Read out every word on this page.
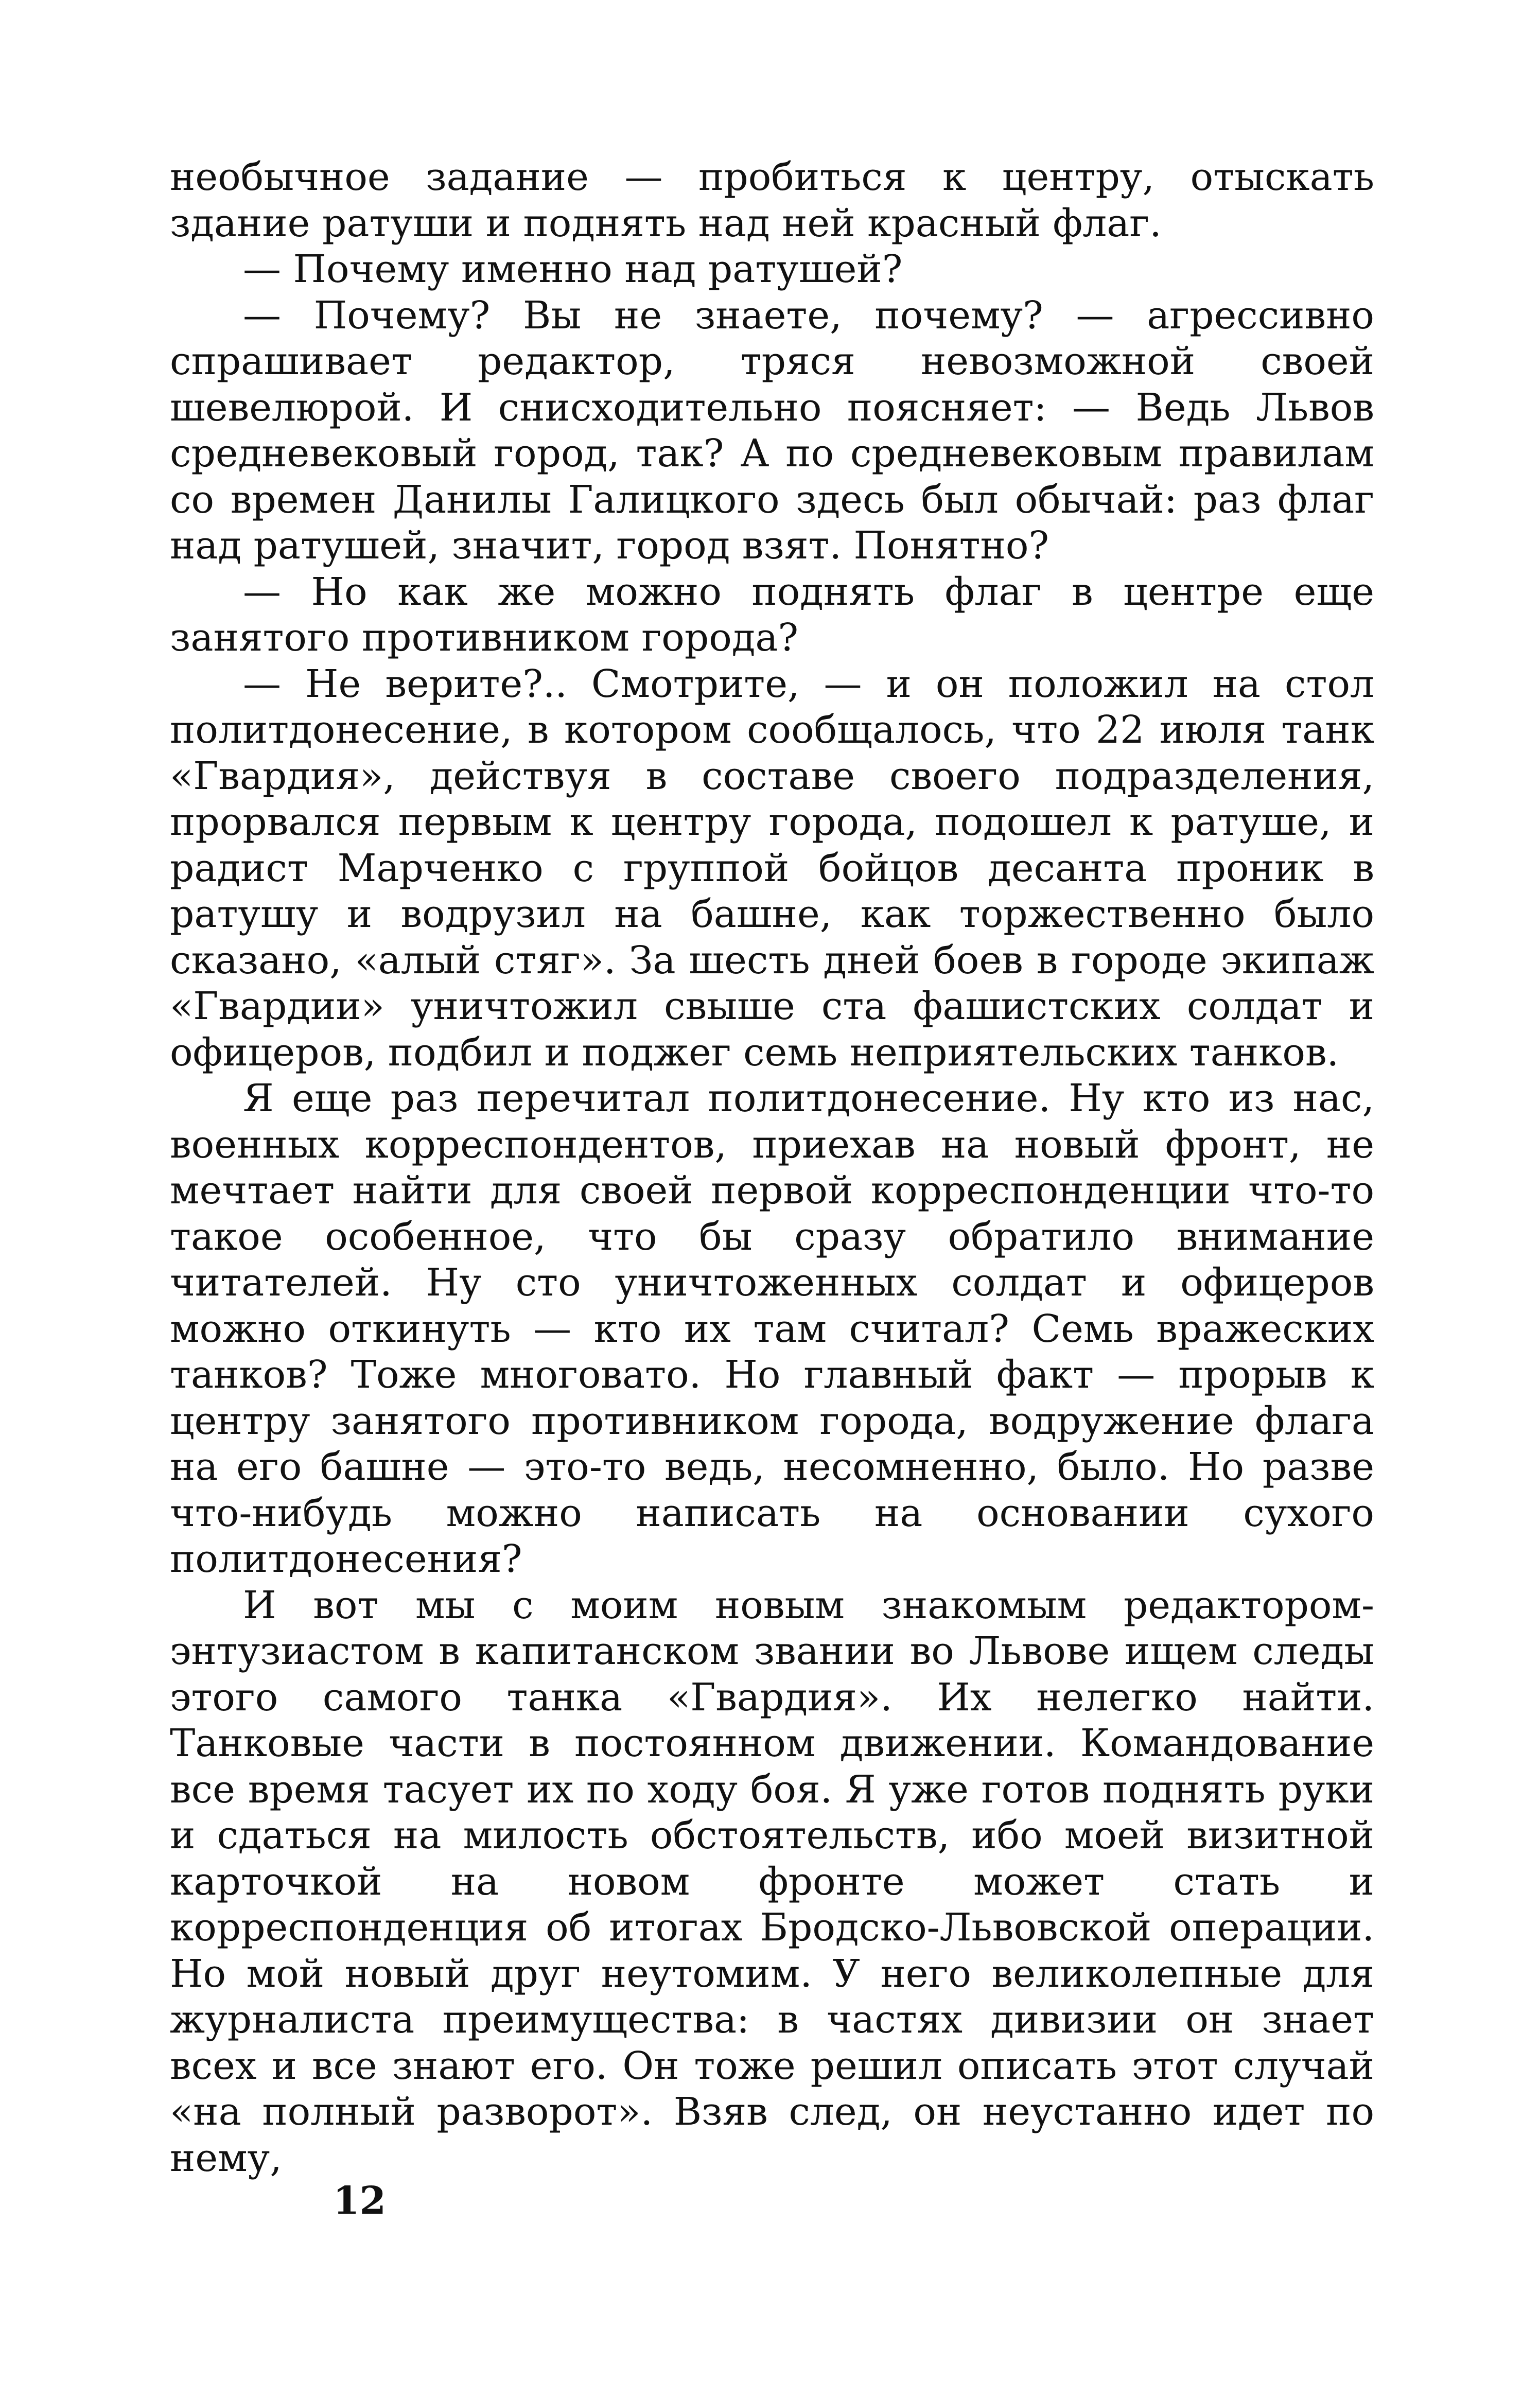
необычное задание — пробиться к центру, отыскать здание ратуши и поднять над ней красный флаг.

— Почему именно над ратушей?

— Почему? Вы не знаете, почему? — агрессивно спрашивает редактор, тряся невозможной своей шевелюрой. И снисходительно поясняет: — Ведь Львов средневековый город, так? А по средневековым правилам со времен Данилы Галицкого здесь был обычай: раз флаг над ратушей, значит, город взят. Понятно?

— Но как же можно поднять флаг в центре еще занятого противником города?

— Не верите?.. Смотрите, — и он положил на стол политдонесение, в котором сообщалось, что 22 июля танк «Гвардия», действуя в составе своего подразделения, прорвался первым к центру города, подошел к ратуше, и радист Марченко с группой бойцов десанта проник в ратушу и водрузил на башне, как торжественно было сказано, «алый стяг». За шесть дней боев в городе экипаж «Гвардии» уничтожил свыше ста фашистских солдат и офицеров, подбил и поджег семь неприятельских танков.

Я еще раз перечитал политдонесение. Ну кто из нас, военных корреспондентов, приехав на новый фронт, не мечтает найти для своей первой корреспонденции что-то такое особенное, что бы сразу обратило внимание читателей. Ну сто уничтоженных солдат и офицеров можно откинуть — кто их там считал? Семь вражеских танков? Тоже многовато. Но главный факт — прорыв к центру занятого противником города, водружение флага на его башне — это-то ведь, несомненно, было. Но разве что-нибудь можно написать на основании сухого политдонесения?

И вот мы с моим новым знакомым редактором-энтузиастом в капитанском звании во Львове ищем следы этого самого танка «Гвардия». Их нелегко найти. Танковые части в постоянном движении. Командование все время тасует их по ходу боя. Я уже готов поднять руки и сдаться на милость обстоятельств, ибо моей визитной карточкой на новом фронте может стать и корреспонденция об итогах Бродско-Львовской операции. Но мой новый друг неутомим. У него великолепные для журналиста преимущества: в частях дивизии он знает всех и все знают его. Он тоже решил описать этот случай «на полный разворот». Взяв след, он неустанно идет по нему,

12
